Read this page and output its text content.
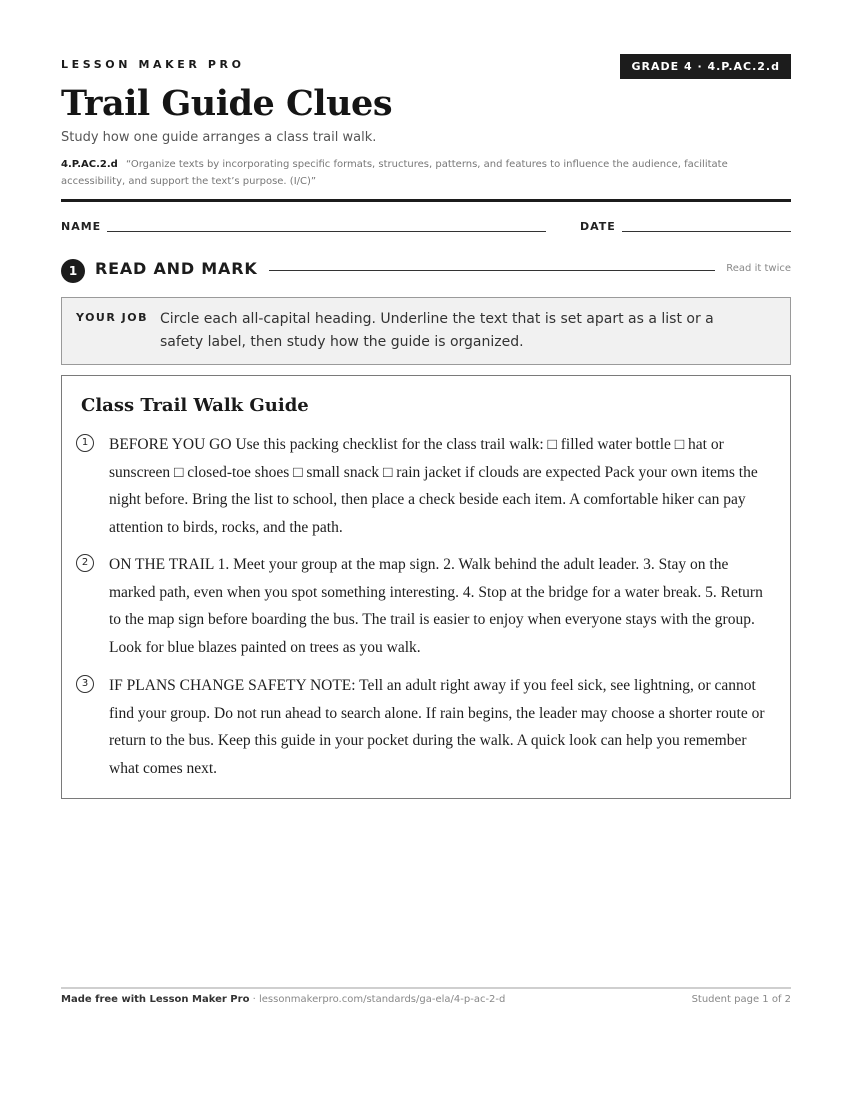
LESSON MAKER PRO	GRADE 4 · 4.P.AC.2.d
Trail Guide Clues
Study how one guide arranges a class trail walk.
4.P.AC.2.d “Organize texts by incorporating specific formats, structures, patterns, and features to influence the audience, facilitate accessibility, and support the text’s purpose. (I/C)”
NAME	DATE
1	READ AND MARK	Read it twice
YOUR JOB Circle each all-capital heading. Underline the text that is set apart as a list or a safety label, then study how the guide is organized.
Class Trail Walk Guide
1	BEFORE YOU GO Use this packing checklist for the class trail walk: □ filled water bottle □ hat or sunscreen □ closed-toe shoes □ small snack □ rain jacket if clouds are expected Pack your own items the night before. Bring the list to school, then place a check beside each item. A comfortable hiker can pay attention to birds, rocks, and the path.
2	ON THE TRAIL 1. Meet your group at the map sign. 2. Walk behind the adult leader. 3. Stay on the marked path, even when you spot something interesting. 4. Stop at the bridge for a water break. 5. Return to the map sign before boarding the bus. The trail is easier to enjoy when everyone stays with the group. Look for blue blazes painted on trees as you walk.
3	IF PLANS CHANGE SAFETY NOTE: Tell an adult right away if you feel sick, see lightning, or cannot find your group. Do not run ahead to search alone. If rain begins, the leader may choose a shorter route or return to the bus. Keep this guide in your pocket during the walk. A quick look can help you remember what comes next.
Made free with Lesson Maker Pro · lessonmakerpro.com/standards/ga-ela/4-p-ac-2-d	Student page 1 of 2
